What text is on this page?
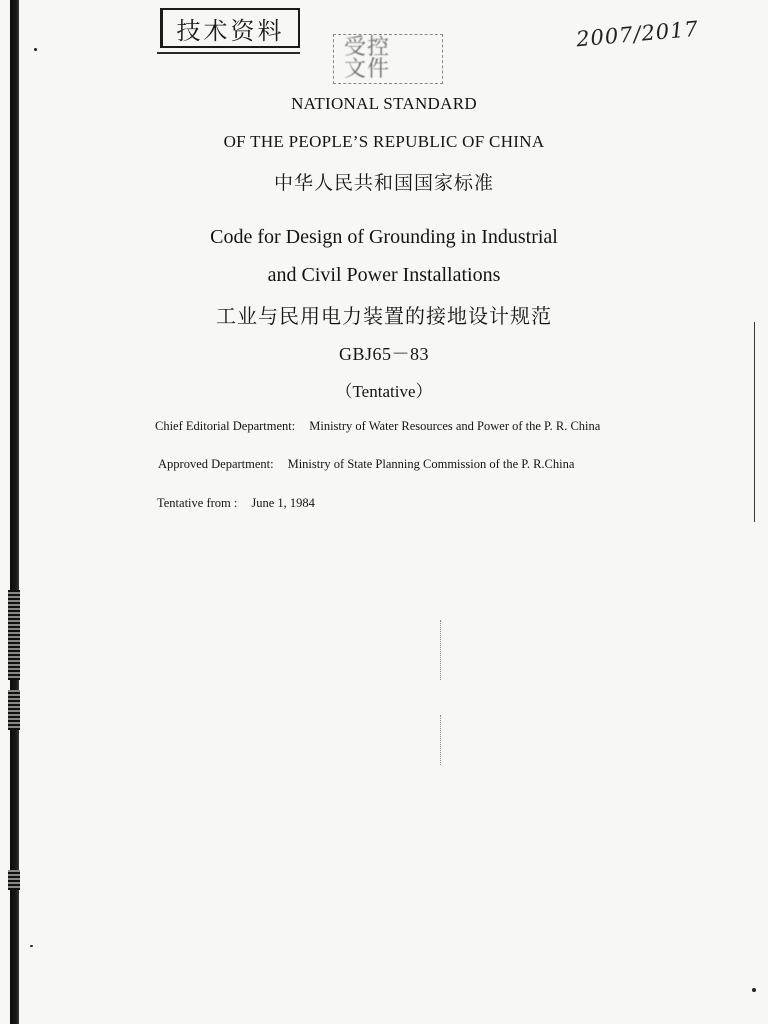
技术资料
受控
文件
2007/2017
NATIONAL STANDARD
OF THE PEOPLE’S REPUBLIC OF CHINA
中华人民共和国国家标准
Code for Design of Grounding in Industrial
and Civil Power Installations
工业与民用电力装置的接地设计规范
GBJ65－83
（Tentative）
Chief Editorial Department: Ministry of Water Resources and Power of the P. R. China
Approved Department: Ministry of State Planning Commission of the P. R.China
Tentative from : June 1, 1984
